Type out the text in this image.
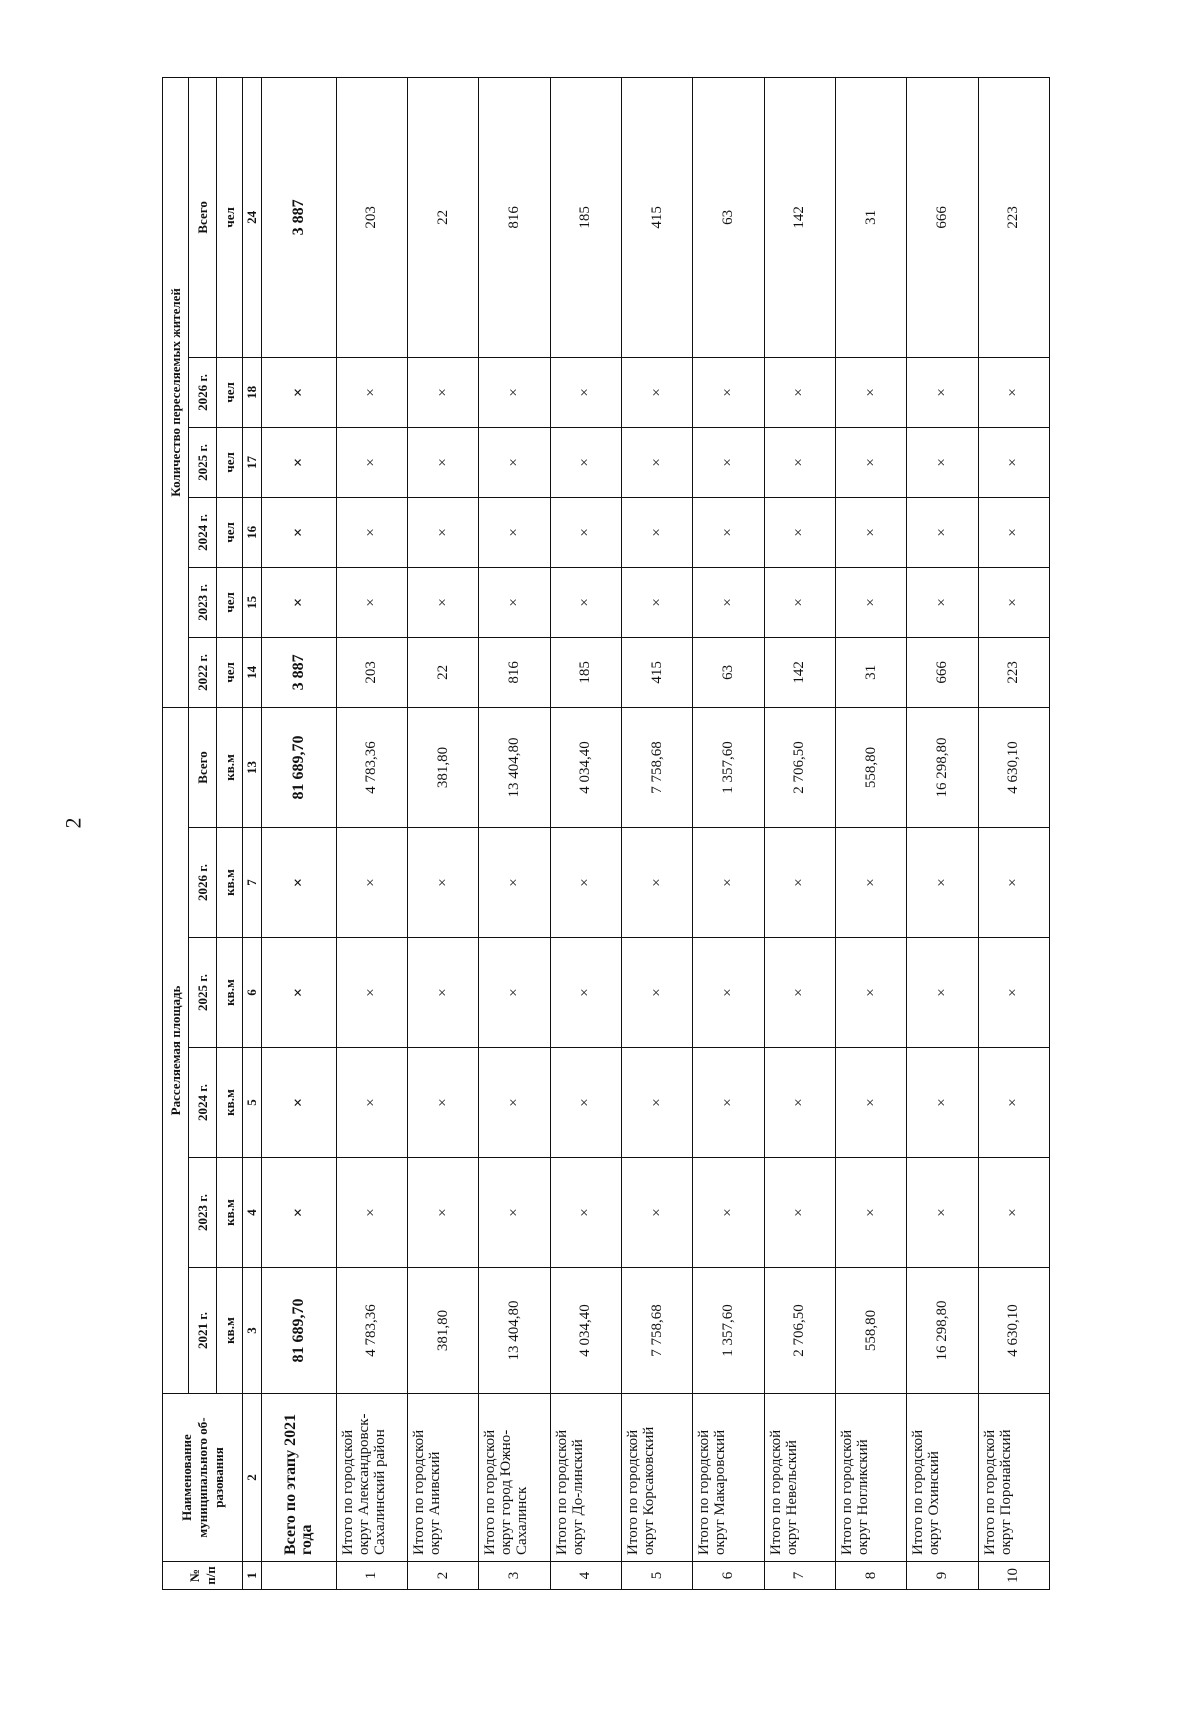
2
№ п/п	Наименование муниципального об-разования	Расселяемая площадь						Количество переселяемых жителей					
		2021 г.	2023 г.	2024 г.	2025 г.	2026 г.	Всего	2022 г.	2023 г.	2024 г.	2025 г.	2026 г.	Всего
		кв.м	кв.м	кв.м	кв.м	кв.м	кв.м	чел	чел	чел	чел	чел	чел
1	2	3	4	5	6	7	13	14	15	16	17	18	24
	Всего по этапу 2021 года	81 689,70	×	×	×	×	81 689,70	3 887	×	×	×	×	3 887
1	Итого по городской округ Александровск-Сахалинский район	4 783,36	×	×	×	×	4 783,36	203	×	×	×	×	203
2	Итого по городской округ Анивский	381,80	×	×	×	×	381,80	22	×	×	×	×	22
3	Итого по городской округ город Южно-Сахалинск	13 404,80	×	×	×	×	13 404,80	816	×	×	×	×	816
4	Итого по городской округ До-линский	4 034,40	×	×	×	×	4 034,40	185	×	×	×	×	185
5	Итого по городской округ Корсаковский	7 758,68	×	×	×	×	7 758,68	415	×	×	×	×	415
6	Итого по городской округ Макаровский	1 357,60	×	×	×	×	1 357,60	63	×	×	×	×	63
7	Итого по городской округ Невельский	2 706,50	×	×	×	×	2 706,50	142	×	×	×	×	142
8	Итого по городской округ Ногликский	558,80	×	×	×	×	558,80	31	×	×	×	×	31
9	Итого по городской округ Охинский	16 298,80	×	×	×	×	16 298,80	666	×	×	×	×	666
10	Итого по городской округ Поронайский	4 630,10	×	×	×	×	4 630,10	223	×	×	×	×	223
